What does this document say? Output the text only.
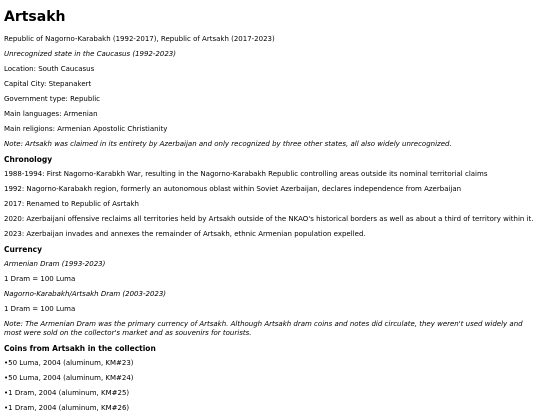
Artsakh

Republic of Nagorno-Karabakh (1992-2017), Republic of Artsakh (2017-2023)

Unrecognized state in the Caucasus (1992-2023)

Location: South Caucasus

Capital City: Stepanakert

Government type: Republic

Main languages: Armenian

Main religions: Armenian Apostolic Christianity

Note: Artsakh was claimed in its entirety by Azerbaijan and only recognized by three other states, all also widely unrecognized.

Chronology

1988-1994: First Nagorno-Karabkh War, resulting in the Nagorno-Karabakh Republic controlling areas outside its nominal territorial claims

1992: Nagorno-Karabakh region, formerly an autonomous oblast within Soviet Azerbaijan, declares independence from Azerbaijan

2017: Renamed to Republic of Asrtakh

2020: Azerbaijani offensive reclaims all territories held by Artsakh outside of the NKAO's historical borders as well as about a third of territory within it.

2023: Azerbaijan invades and annexes the remainder of Artsakh, ethnic Armenian population expelled.

Currency

Armenian Dram (1993-2023)

1 Dram = 100 Luma

Nagorno-Karabakh/Artsakh Dram (2003-2023)

1 Dram = 100 Luma

Note: The Armenian Dram was the primary currency of Artsakh. Although Artsakh dram coins and notes did circulate, they weren't used widely and most were sold on the collector's market and as souvenirs for tourists.

Coins from Artsakh in the collection

• 50 Luma, 2004 (aluminum, KM#23)

• 50 Luma, 2004 (aluminum, KM#24)

• 1 Dram, 2004 (aluminum, KM#25)

• 1 Dram, 2004 (aluminum, KM#26)
